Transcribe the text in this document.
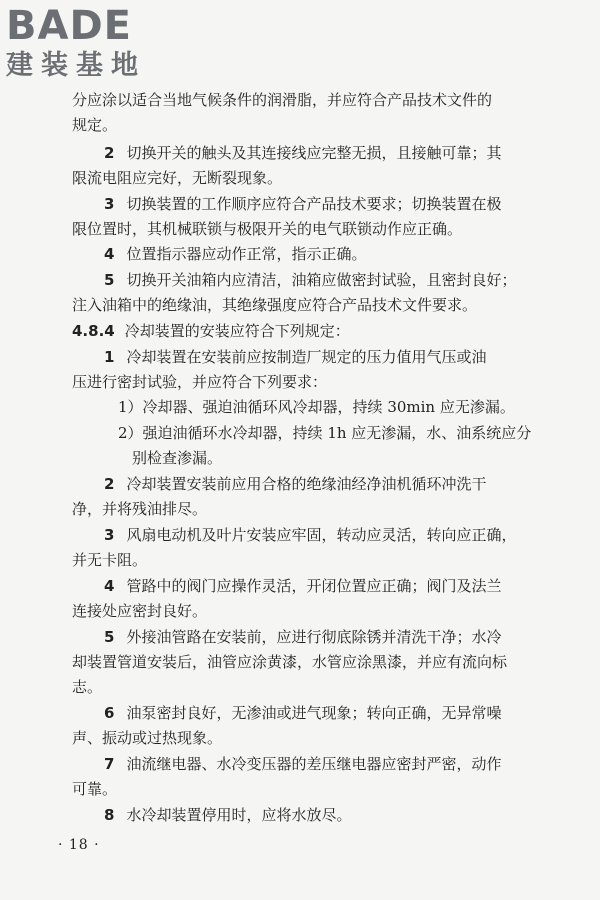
BADE
建装基地
分应涂以适合当地气候条件的润滑脂，并应符合产品技术文件的
规定。
2 切换开关的触头及其连接线应完整无损，且接触可靠；其
限流电阻应完好，无断裂现象。
3 切换装置的工作顺序应符合产品技术要求；切换装置在极
限位置时，其机械联锁与极限开关的电气联锁动作应正确。
4 位置指示器应动作正常，指示正确。
5 切换开关油箱内应清洁，油箱应做密封试验，且密封良好；
注入油箱中的绝缘油，其绝缘强度应符合产品技术文件要求。
4.8.4 冷却装置的安装应符合下列规定：
1 冷却装置在安装前应按制造厂规定的压力值用气压或油
压进行密封试验，并应符合下列要求：
1）冷却器、强迫油循环风冷却器，持续 30min 应无渗漏。
2）强迫油循环水冷却器，持续 1h 应无渗漏，水、油系统应分
别检查渗漏。
2 冷却装置安装前应用合格的绝缘油经净油机循环冲洗干
净，并将残油排尽。
3 风扇电动机及叶片安装应牢固，转动应灵活，转向应正确，
并无卡阻。
4 管路中的阀门应操作灵活，开闭位置应正确；阀门及法兰
连接处应密封良好。
5 外接油管路在安装前，应进行彻底除锈并清洗干净；水冷
却装置管道安装后，油管应涂黄漆，水管应涂黑漆，并应有流向标
志。
6 油泵密封良好，无渗油或进气现象；转向正确，无异常噪
声、振动或过热现象。
7 油流继电器、水冷变压器的差压继电器应密封严密，动作
可靠。
8 水冷却装置停用时，应将水放尽。
· 18 ·
